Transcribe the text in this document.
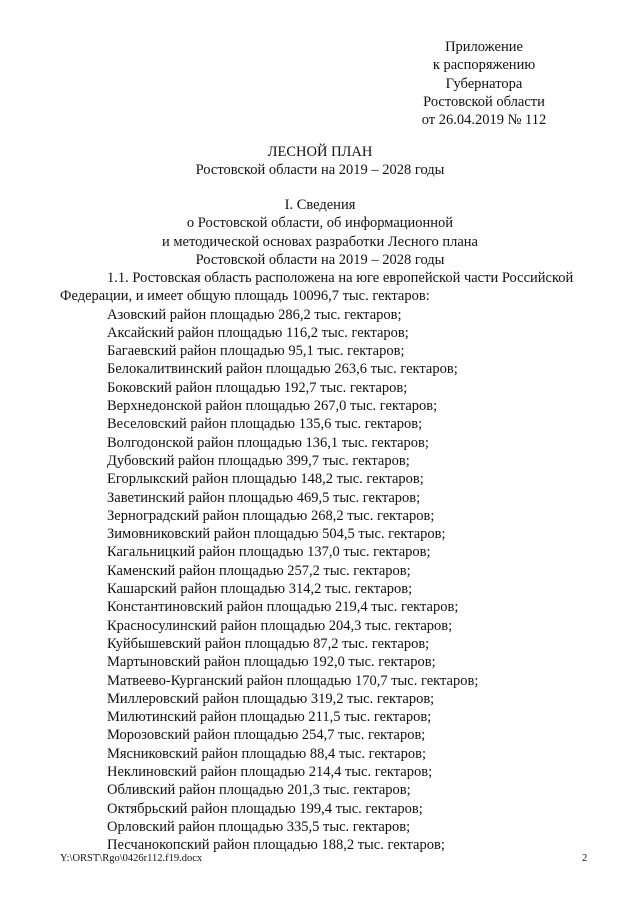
Приложение
к распоряжению
Губернатора
Ростовской области
от 26.04.2019 № 112
ЛЕСНОЙ ПЛАН
Ростовской области на 2019 – 2028 годы
I. Сведения
о Ростовской области, об информационной
и методической основах разработки Лесного плана
Ростовской области на 2019 – 2028 годы
1.1. Ростовская область расположена на юге европейской части Российской Федерации, и имеет общую площадь 10096,7 тыс. гектаров:
Азовский район площадью 286,2 тыс. гектаров;
Аксайский район площадью 116,2 тыс. гектаров;
Багаевский район площадью 95,1 тыс. гектаров;
Белокалитвинский район площадью 263,6 тыс. гектаров;
Боковский район площадью 192,7 тыс. гектаров;
Верхнедонской район площадью 267,0 тыс. гектаров;
Веселовский район площадью 135,6 тыс. гектаров;
Волгодонской район площадью 136,1 тыс. гектаров;
Дубовский район площадью 399,7 тыс. гектаров;
Егорлыкский район площадью 148,2 тыс. гектаров;
Заветинский район площадью 469,5 тыс. гектаров;
Зерноградский район площадью 268,2 тыс. гектаров;
Зимовниковский район площадью 504,5 тыс. гектаров;
Кагальницкий район площадью 137,0 тыс. гектаров;
Каменский район площадью 257,2 тыс. гектаров;
Кашарский район площадью 314,2 тыс. гектаров;
Константиновский район площадью 219,4 тыс. гектаров;
Красносулинский район площадью 204,3 тыс. гектаров;
Куйбышевский район площадью 87,2 тыс. гектаров;
Мартыновский район площадью 192,0 тыс. гектаров;
Матвеево-Курганский район площадью 170,7 тыс. гектаров;
Миллеровский район площадью 319,2 тыс. гектаров;
Милютинский район площадью 211,5 тыс. гектаров;
Морозовский район площадью 254,7 тыс. гектаров;
Мясниковский район площадью 88,4 тыс. гектаров;
Неклиновский район площадью 214,4 тыс. гектаров;
Обливский район площадью 201,3 тыс. гектаров;
Октябрьский район площадью 199,4 тыс. гектаров;
Орловский район площадью 335,5 тыс. гектаров;
Песчанокопский район площадью 188,2 тыс. гектаров;
Y:\ORST\Rgo\0426r112.f19.docx	2
